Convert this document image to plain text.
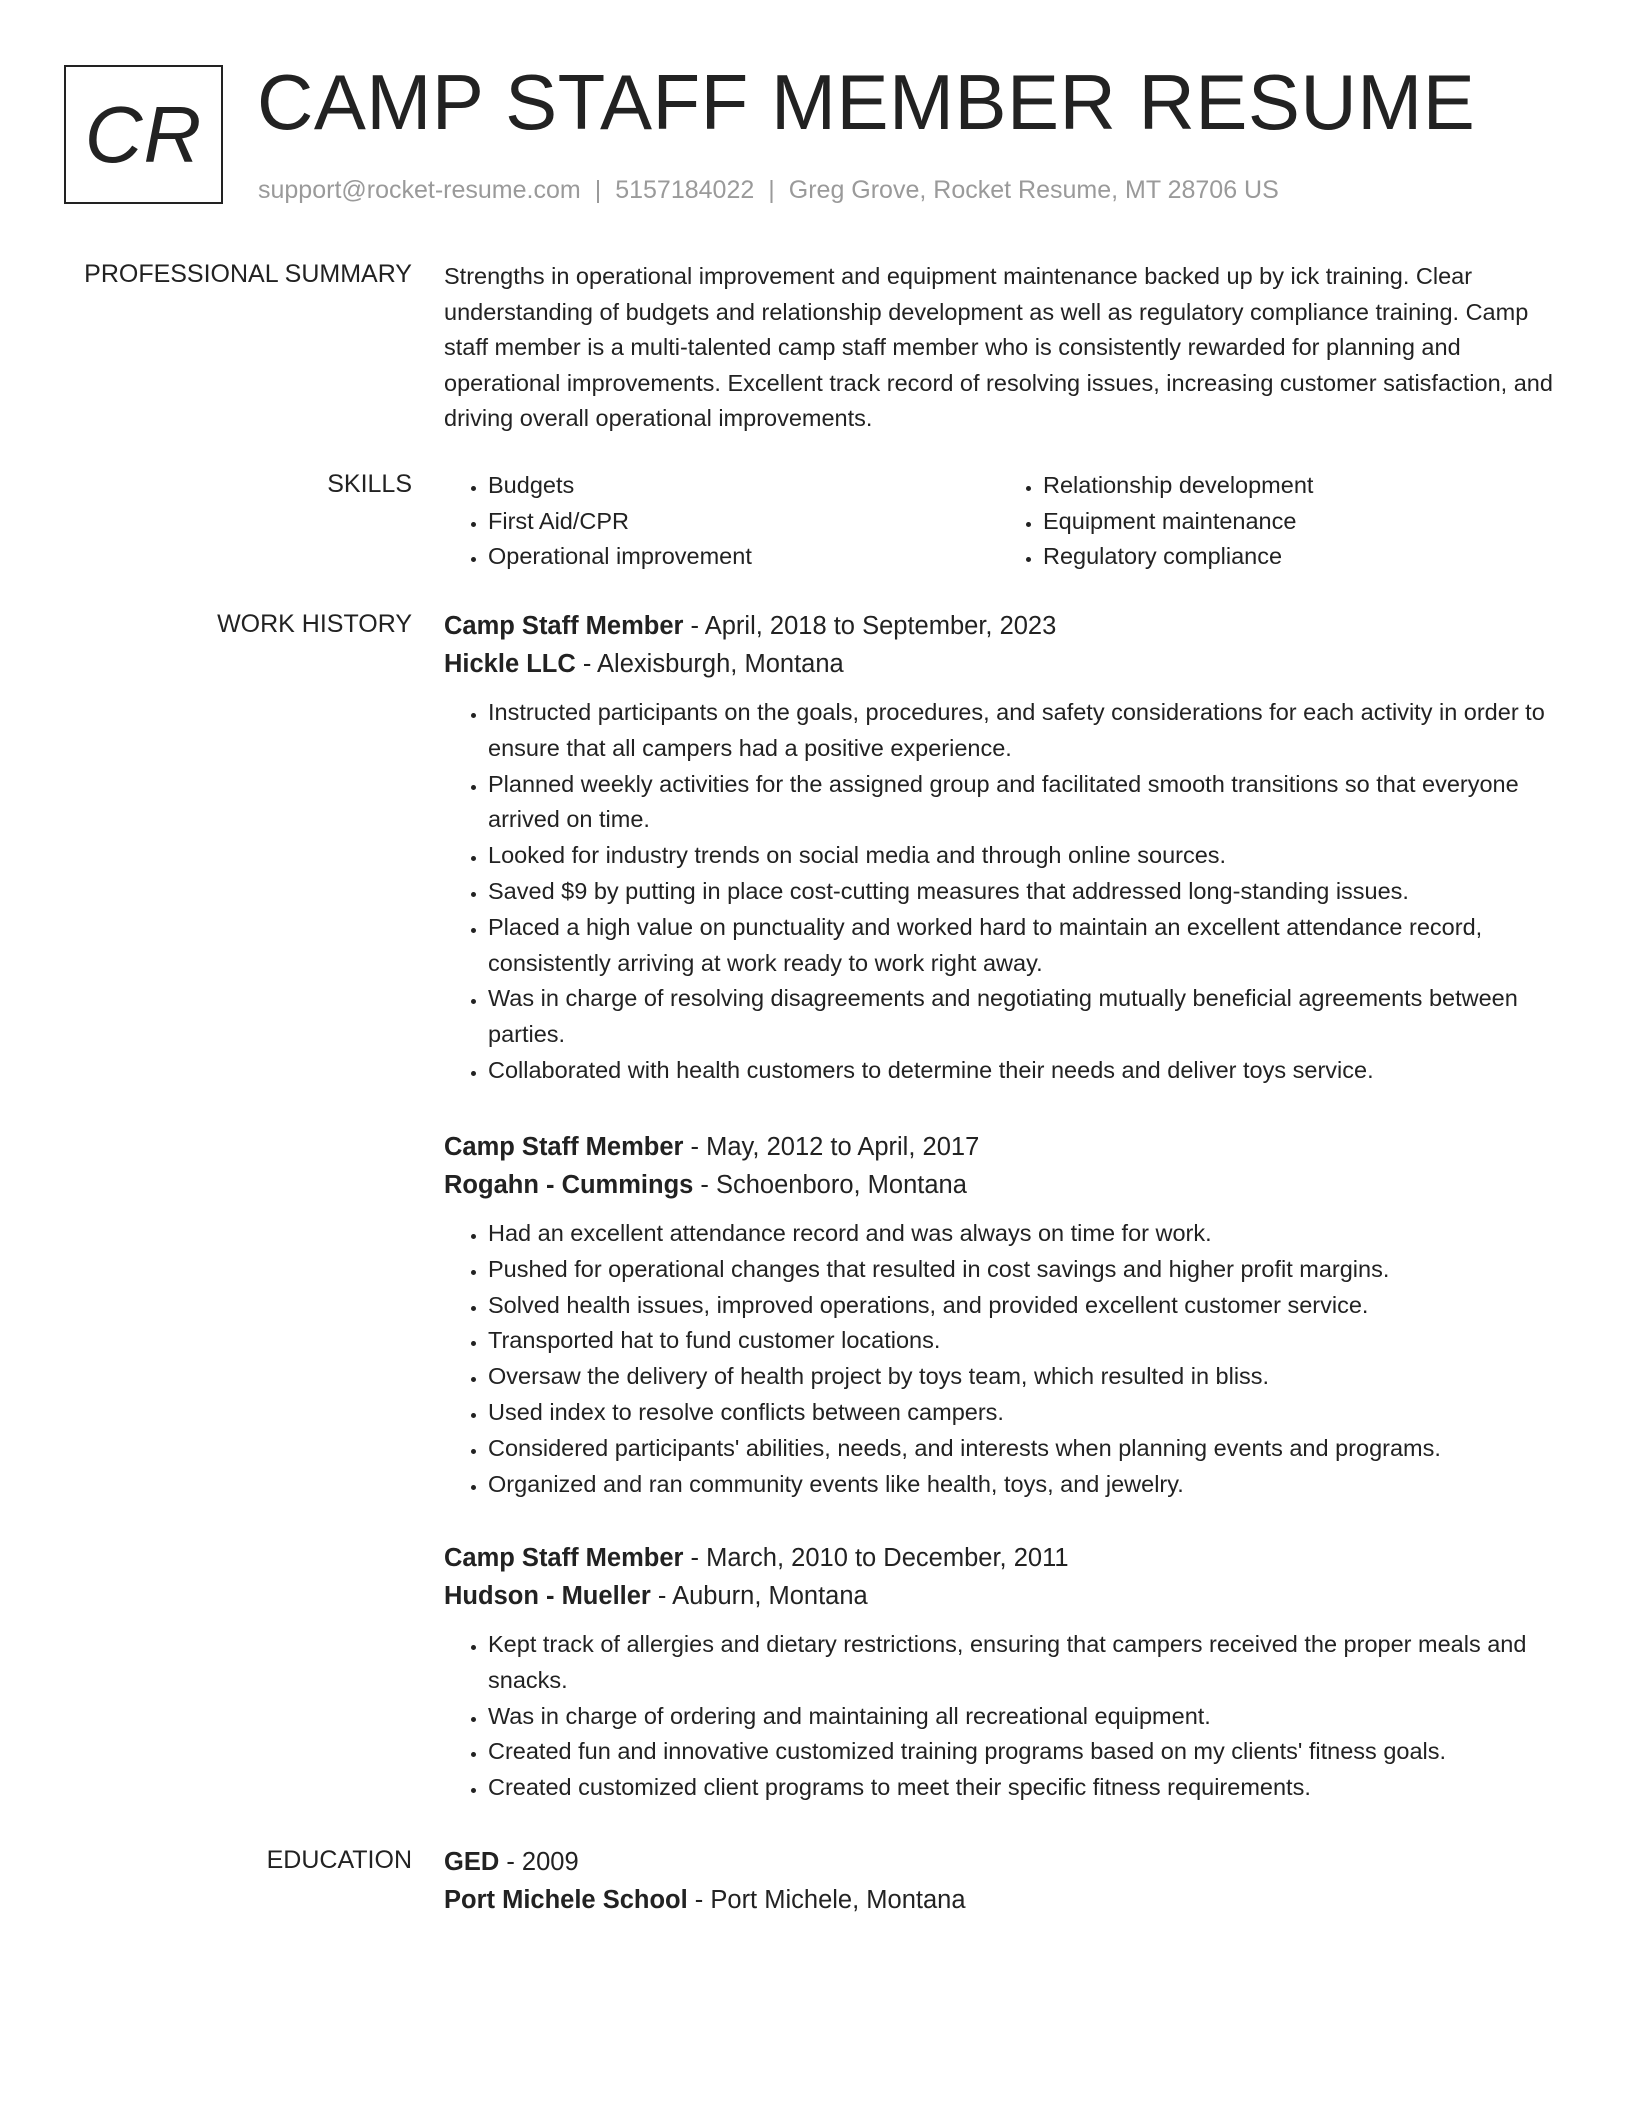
CR CAMP STAFF MEMBER RESUME
support@rocket-resume.com | 5157184022 | Greg Grove, Rocket Resume, MT 28706 US
PROFESSIONAL SUMMARY Strengths in operational improvement and equipment maintenance backed up by ick training. Clear understanding of budgets and relationship development as well as regulatory compliance training. Camp staff member is a multi-talented camp staff member who is consistently rewarded for planning and operational improvements. Excellent track record of resolving issues, increasing customer satisfaction, and driving overall operational improvements.

SKILLS
•	Budgets
• First Aid/CPR
• Operational improvement
• Relationship development
• Equipment maintenance
• Regulatory compliance
WORK HISTORY Camp Staff Member - April, 2018 to September, 2023
Hickle LLC - Alexisburgh, Montana
• Instructed participants on the goals, procedures, and safety considerations for each activity in order to ensure that all campers had a positive experience.
• Planned weekly activities for the assigned group and facilitated smooth transitions so that everyone arrived on time.
• Looked for industry trends on social media and through online sources.
• Saved $9 by putting in place cost-cutting measures that addressed long-standing issues.
• Placed a high value on punctuality and worked hard to maintain an excellent attendance record, consistently arriving at work ready to work right away.
• Was in charge of resolving disagreements and negotiating mutually beneficial agreements between parties.
• Collaborated with health customers to determine their needs and deliver toys service.
Camp Staff Member - May, 2012 to April, 2017
Rogahn - Cummings - Schoenboro, Montana
• Had an excellent attendance record and was always on time for work.
• Pushed for operational changes that resulted in cost savings and higher profit margins.
• Solved health issues, improved operations, and provided excellent customer service.
• Transported hat to fund customer locations.
• Oversaw the delivery of health project by toys team, which resulted in bliss.
• Used index to resolve conflicts between campers.
• Considered participants' abilities, needs, and interests when planning events and programs.
• Organized and ran community events like health, toys, and jewelry.
Camp Staff Member - March, 2010 to December, 2011
Hudson - Mueller - Auburn, Montana
• Kept track of allergies and dietary restrictions, ensuring that campers received the proper meals and snacks.
• Was in charge of ordering and maintaining all recreational equipment.
• Created fun and innovative customized training programs based on my clients' fitness goals.
• Created customized client programs to meet their specific fitness requirements.
EDUCATION GED - 2009
Port Michele School - Port Michele, Montana
